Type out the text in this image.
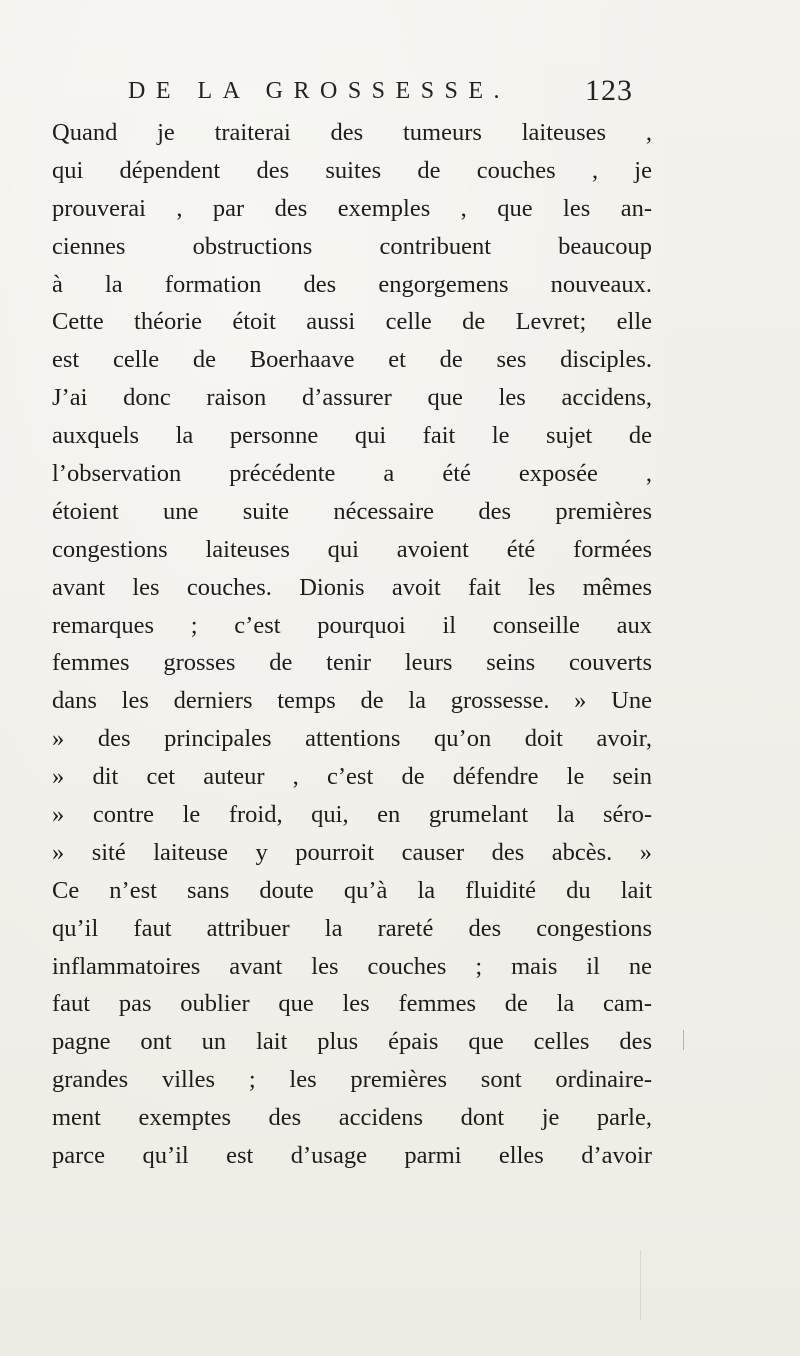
DE LA GROSSESSE. 123
Quand je traiterai des tumeurs laiteuses ,
qui dépendent des suites de couches , je
prouverai , par des exemples , que les an-
ciennes obstructions contribuent beaucoup
à la formation des engorgemens nouveaux.
Cette théorie étoit aussi celle de Levret; elle
est celle de Boerhaave et de ses disciples.
J’ai donc raison d’assurer que les accidens,
auxquels la personne qui fait le sujet de
l’observation précédente a été exposée ,
étoient une suite nécessaire des premières
congestions laiteuses qui avoient été formées
avant les couches. Dionis avoit fait les mêmes
remarques ; c’est pourquoi il conseille aux
femmes grosses de tenir leurs seins couverts
dans les derniers temps de la grossesse. » Une
» des principales attentions qu’on doit avoir,
» dit cet auteur , c’est de défendre le sein
» contre le froid, qui, en grumelant la séro-
» sité laiteuse y pourroit causer des abcès. »
Ce n’est sans doute qu’à la fluidité du lait
qu’il faut attribuer la rareté des congestions
inflammatoires avant les couches ; mais il ne
faut pas oublier que les femmes de la cam-
pagne ont un lait plus épais que celles des
grandes villes ; les premières sont ordinaire-
ment exemptes des accidens dont je parle,
parce qu’il est d’usage parmi elles d’avoir
